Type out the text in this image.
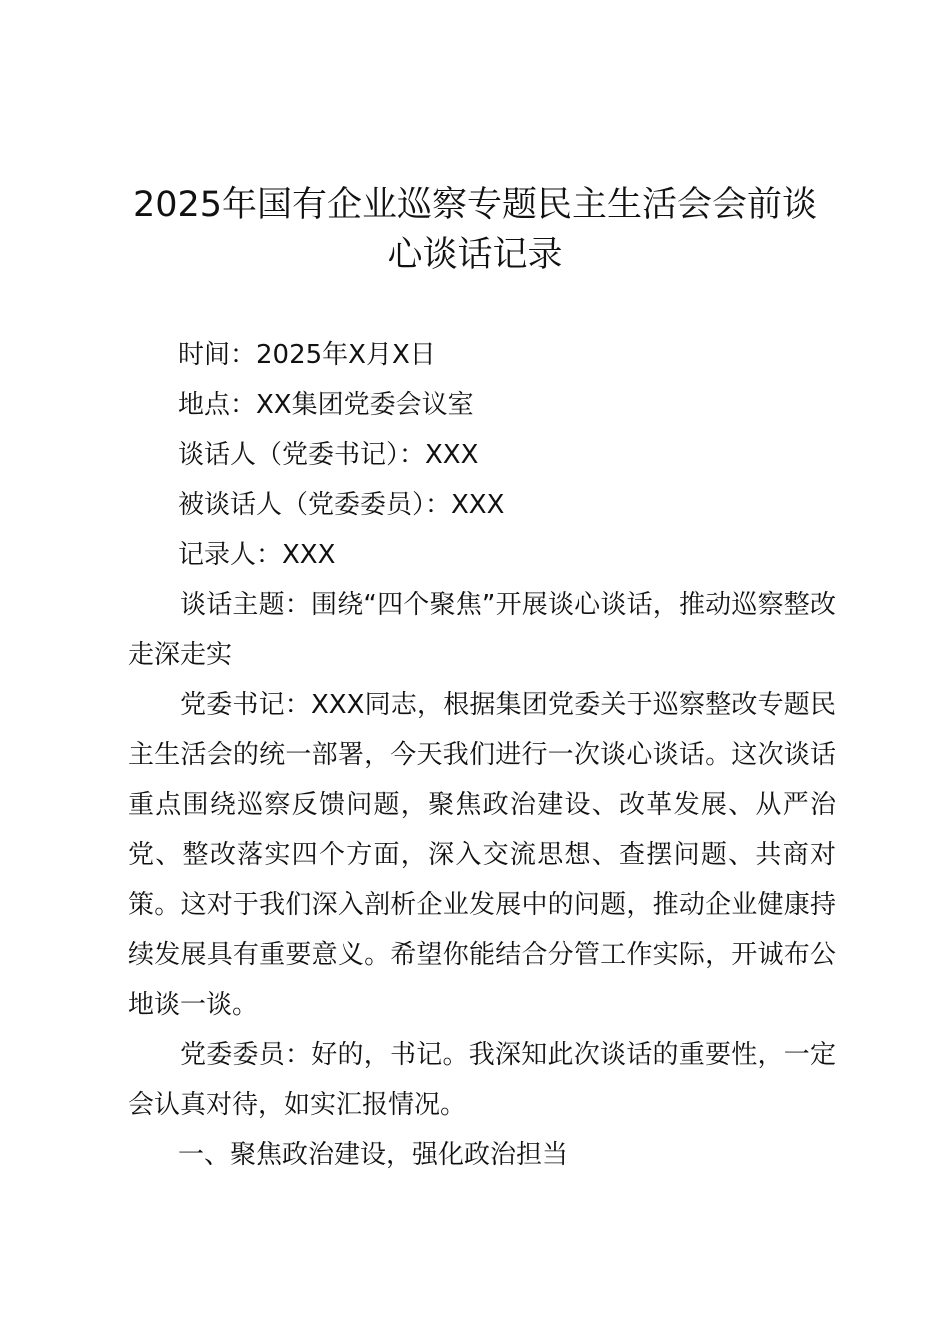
2025年国有企业巡察专题民主生活会会前谈
心谈话记录

时间：2025年X月X日

地点：XX集团党委会议室

谈话人（党委书记）：XXX

被谈话人（党委委员）：XXX

记录人：XXX

谈话主题：围绕“四个聚焦”开展谈心谈话，推动巡察整改走深走实

党委书记：XXX同志，根据集团党委关于巡察整改专题民主生活会的统一部署，今天我们进行一次谈心谈话。这次谈话重点围绕巡察反馈问题，聚焦政治建设、改革发展、从严治党、整改落实四个方面，深入交流思想、查摆问题、共商对策。这对于我们深入剖析企业发展中的问题，推动企业健康持续发展具有重要意义。希望你能结合分管工作实际，开诚布公地谈一谈。

党委委员：好的，书记。我深知此次谈话的重要性，一定会认真对待，如实汇报情况。

一、聚焦政治建设，强化政治担当
